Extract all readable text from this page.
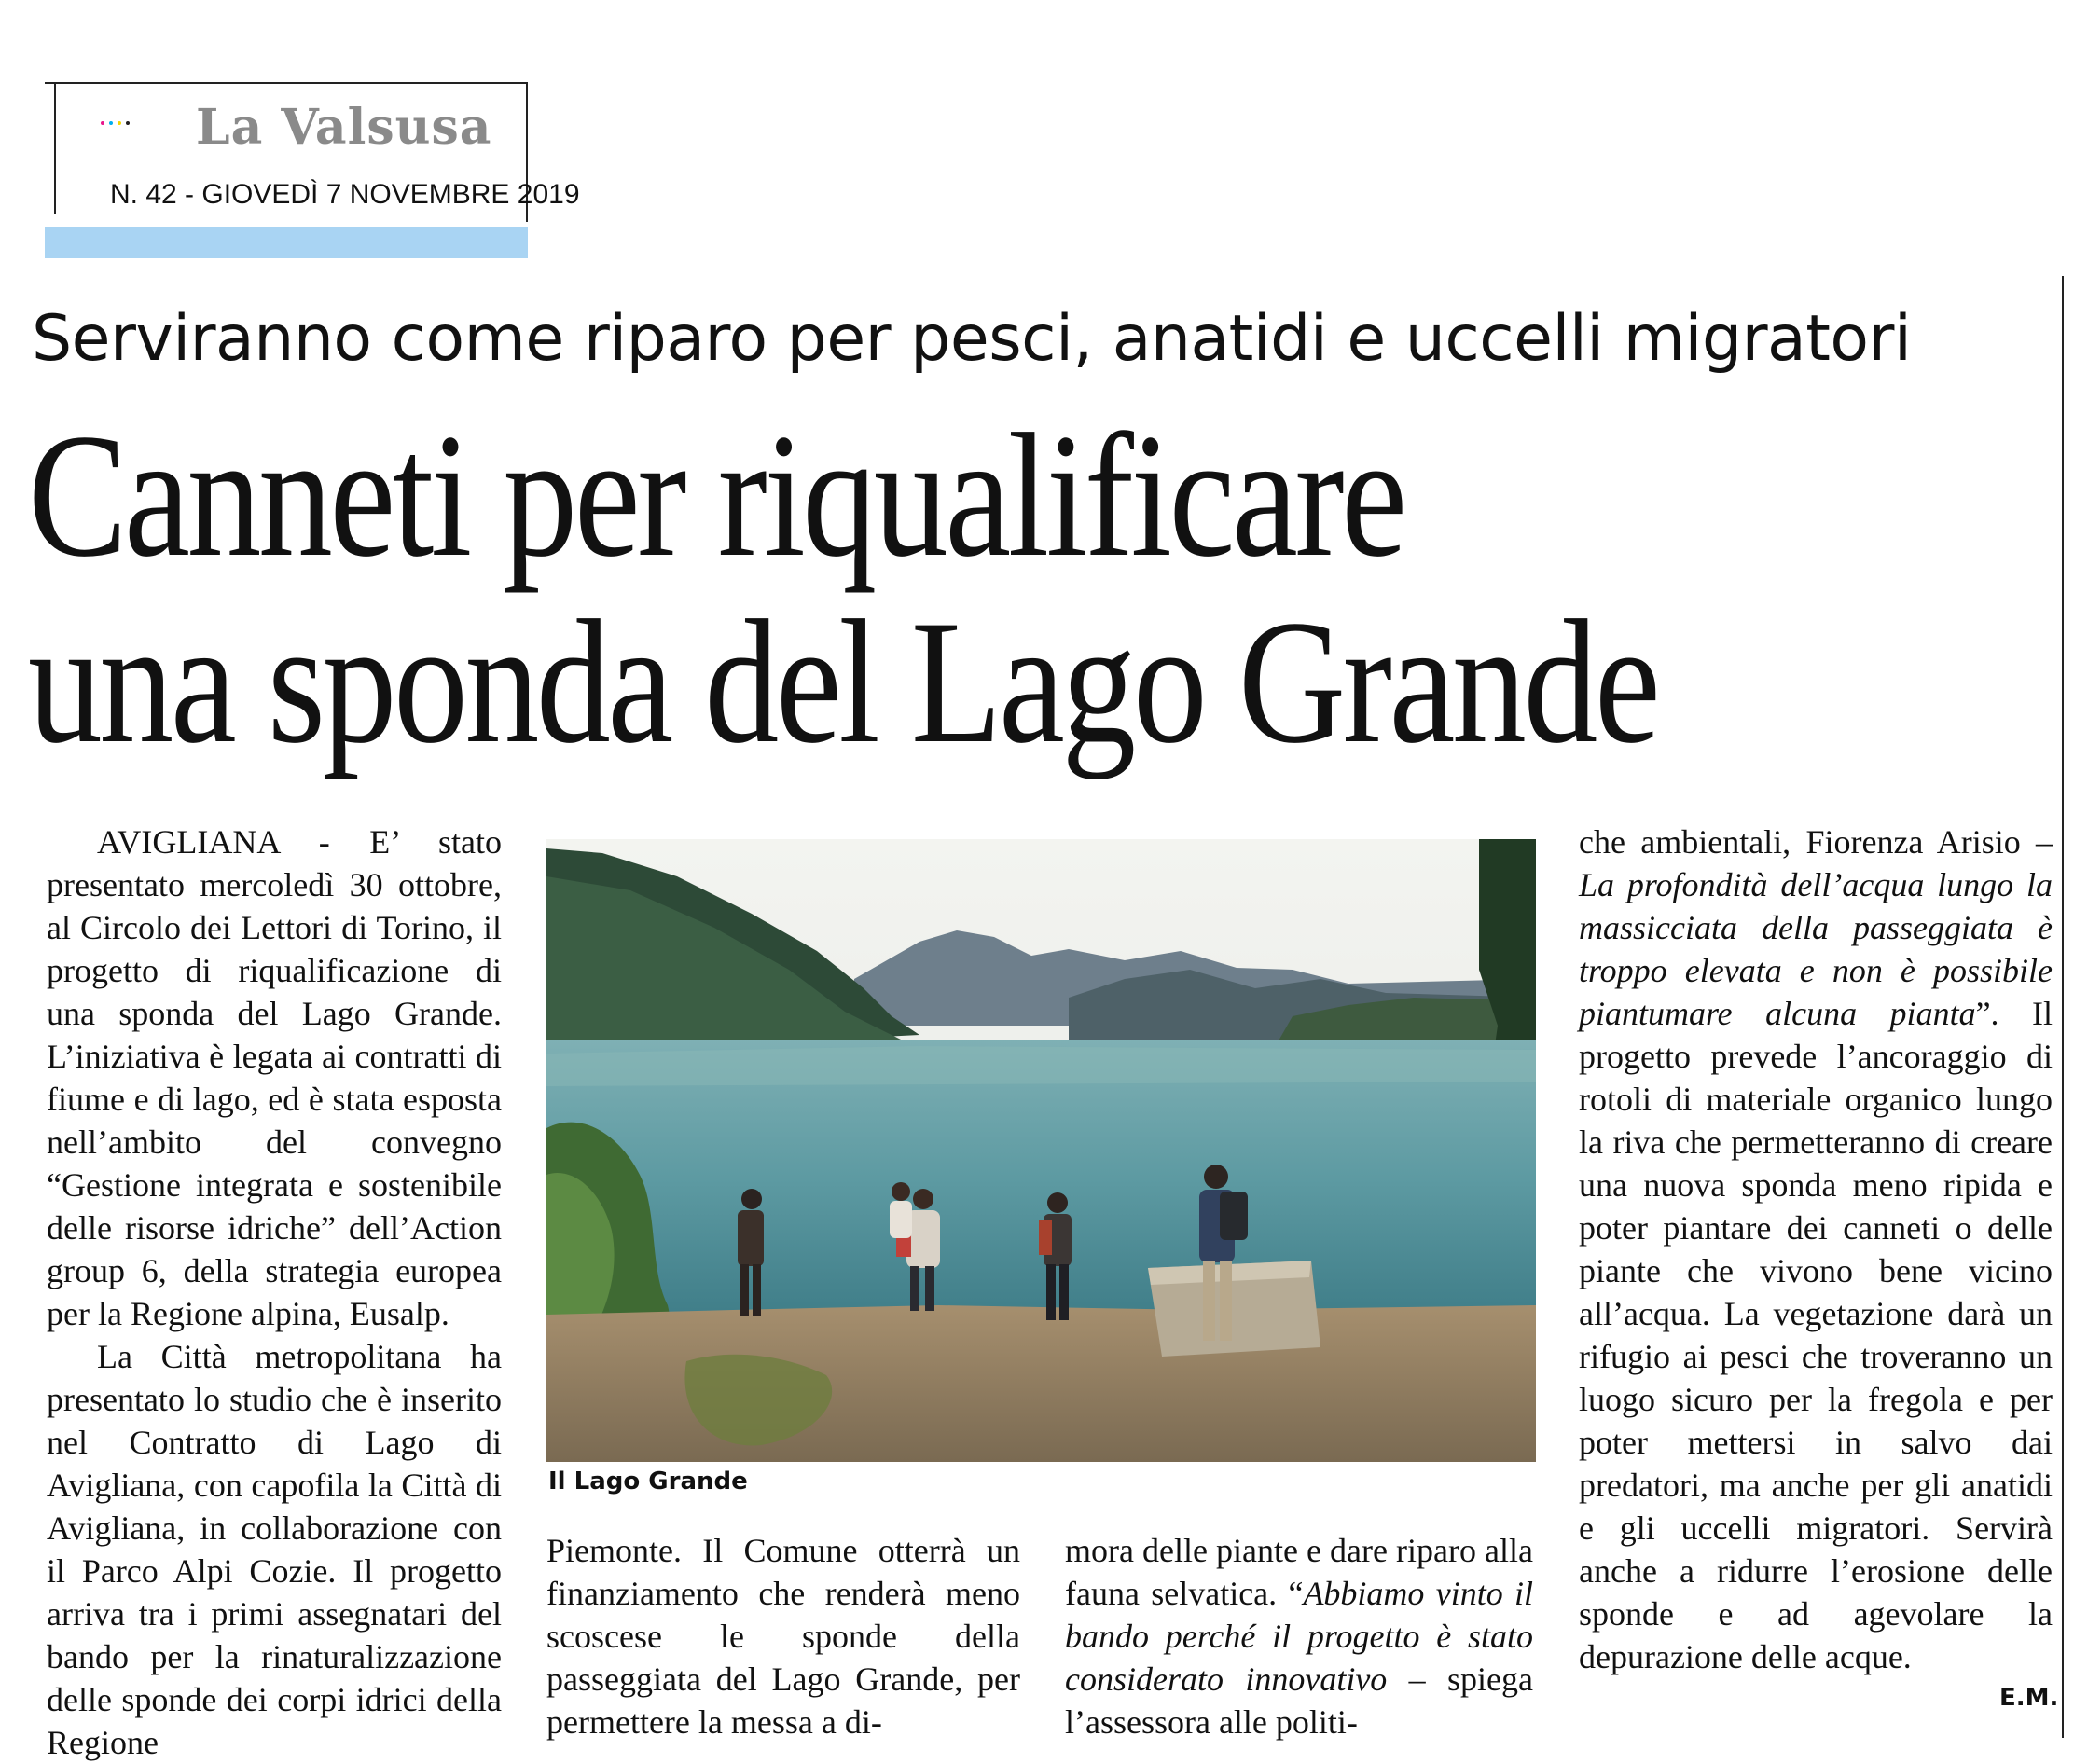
La Valsusa
N. 42 - GIOVEDÌ 7 NOVEMBRE 2019
Serviranno come riparo per pesci, anatidi e uccelli migratori
Canneti per riqualificare
una sponda del Lago Grande

AVIGLIANA - E’ stato presentato mercoledì 30 ottobre, al Circolo dei Lettori di Torino, il progetto di riqualificazione di una sponda del Lago Grande. L’iniziativa è legata ai contratti di fiume e di lago, ed è stata esposta nell’ambito del convegno “Gestione integrata e sostenibile delle risorse idriche” dell’Action group 6, della strategia europea per la Regione alpina, Eusalp.

La Città metropolitana ha presentato lo studio che è inserito nel Contratto di Lago di Avigliana, con capofila la Città di Avigliana, in collaborazione con il Parco Alpi Cozie. Il progetto arriva tra i primi assegnatari del bando per la rinaturalizzazione delle sponde dei corpi idrici della Regione

Il Lago Grande

Piemonte. Il Comune otterrà un finanziamento che renderà meno scoscese le sponde della passeggiata del Lago Grande, per permettere la messa a di-

mora delle piante e dare riparo alla fauna selvatica. “Abbiamo vinto il bando perché il progetto è stato considerato innovativo – spiega l’assessora alle politi-

che ambientali, Fiorenza Arisio – La profondità dell’acqua lungo la massicciata della passeggiata è troppo elevata e non è possibile piantumare alcuna pianta”. Il progetto prevede l’ancoraggio di rotoli di materiale organico lungo la riva che permetteranno di creare una nuova sponda meno ripida e poter piantare dei canneti o delle piante che vivono bene vicino all’acqua. La vegetazione darà un rifugio ai pesci che troveranno un luogo sicuro per la fregola e per poter mettersi in salvo dai predatori, ma anche per gli anatidi e gli uccelli migratori. Servirà anche a ridurre l’erosione delle sponde e ad agevolare la depurazione delle acque.

E.M.
